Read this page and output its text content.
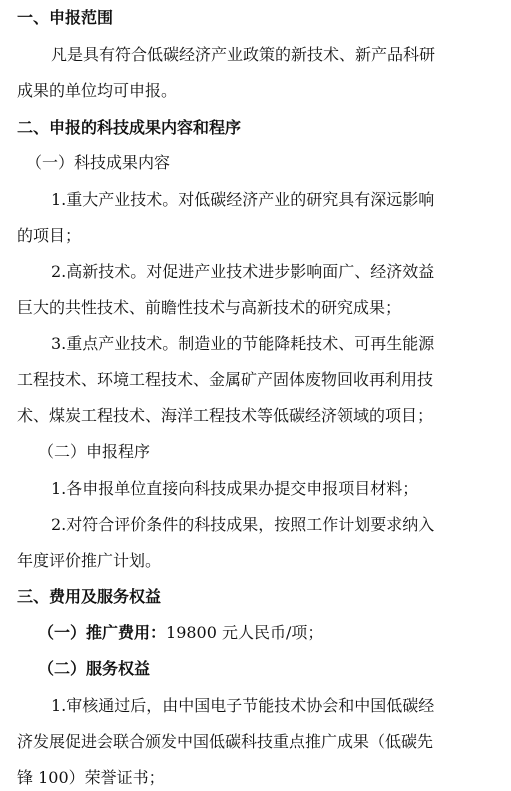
一、申报范围
凡是具有符合低碳经济产业政策的新技术、新产品科研
成果的单位均可申报。
二、申报的科技成果内容和程序
（一）科技成果内容
1.重大产业技术。对低碳经济产业的研究具有深远影响
的项目；
2.高新技术。对促进产业技术进步影响面广、经济效益
巨大的共性技术、前瞻性技术与高新技术的研究成果；
3.重点产业技术。制造业的节能降耗技术、可再生能源
工程技术、环境工程技术、金属矿产固体废物回收再利用技
术、煤炭工程技术、海洋工程技术等低碳经济领域的项目；
（二）申报程序
1.各申报单位直接向科技成果办提交申报项目材料；
2.对符合评价条件的科技成果，按照工作计划要求纳入
年度评价推广计划。
三、费用及服务权益
（一）推广费用：19800 元人民币/项；
（二）服务权益
1.审核通过后，由中国电子节能技术协会和中国低碳经
济发展促进会联合颁发中国低碳科技重点推广成果（低碳先
锋 100）荣誉证书；
